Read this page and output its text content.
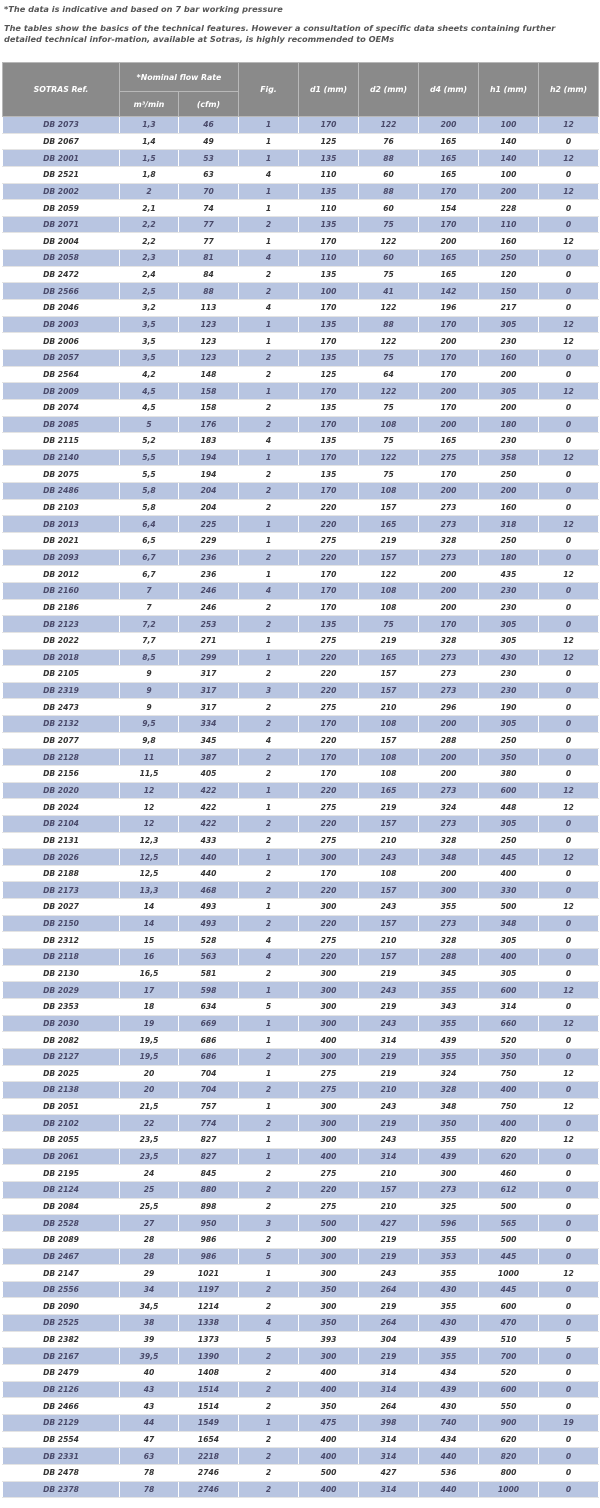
*The data is indicative and based on 7 bar working pressure
The tables show the basics of the technical features. However a consultation of specific data sheets containing further detailed technical infor-mation, available at Sotras, is highly recommended to OEMs
SOTRAS Ref.	*Nominal flow Rate		Fig.	d1 (mm)	d2 (mm)	d4 (mm)	h1 (mm)	h2 (mm)
	m³/min	(cfm)						
DB 2073	1,3	46	1	170	122	200	100	12
DB 2067	1,4	49	1	125	76	165	140	0
DB 2001	1,5	53	1	135	88	165	140	12
DB 2521	1,8	63	4	110	60	165	100	0
DB 2002	2	70	1	135	88	170	200	12
DB 2059	2,1	74	1	110	60	154	228	0
DB 2071	2,2	77	2	135	75	170	110	0
DB 2004	2,2	77	1	170	122	200	160	12
DB 2058	2,3	81	4	110	60	165	250	0
DB 2472	2,4	84	2	135	75	165	120	0
DB 2566	2,5	88	2	100	41	142	150	0
DB 2046	3,2	113	4	170	122	196	217	0
DB 2003	3,5	123	1	135	88	170	305	12
DB 2006	3,5	123	1	170	122	200	230	12
DB 2057	3,5	123	2	135	75	170	160	0
DB 2564	4,2	148	2	125	64	170	200	0
DB 2009	4,5	158	1	170	122	200	305	12
DB 2074	4,5	158	2	135	75	170	200	0
DB 2085	5	176	2	170	108	200	180	0
DB 2115	5,2	183	4	135	75	165	230	0
DB 2140	5,5	194	1	170	122	275	358	12
DB 2075	5,5	194	2	135	75	170	250	0
DB 2486	5,8	204	2	170	108	200	200	0
DB 2103	5,8	204	2	220	157	273	160	0
DB 2013	6,4	225	1	220	165	273	318	12
DB 2021	6,5	229	1	275	219	328	250	0
DB 2093	6,7	236	2	220	157	273	180	0
DB 2012	6,7	236	1	170	122	200	435	12
DB 2160	7	246	4	170	108	200	230	0
DB 2186	7	246	2	170	108	200	230	0
DB 2123	7,2	253	2	135	75	170	305	0
DB 2022	7,7	271	1	275	219	328	305	12
DB 2018	8,5	299	1	220	165	273	430	12
DB 2105	9	317	2	220	157	273	230	0
DB 2319	9	317	3	220	157	273	230	0
DB 2473	9	317	2	275	210	296	190	0
DB 2132	9,5	334	2	170	108	200	305	0
DB 2077	9,8	345	4	220	157	288	250	0
DB 2128	11	387	2	170	108	200	350	0
DB 2156	11,5	405	2	170	108	200	380	0
DB 2020	12	422	1	220	165	273	600	12
DB 2024	12	422	1	275	219	324	448	12
DB 2104	12	422	2	220	157	273	305	0
DB 2131	12,3	433	2	275	210	328	250	0
DB 2026	12,5	440	1	300	243	348	445	12
DB 2188	12,5	440	2	170	108	200	400	0
DB 2173	13,3	468	2	220	157	300	330	0
DB 2027	14	493	1	300	243	355	500	12
DB 2150	14	493	2	220	157	273	348	0
DB 2312	15	528	4	275	210	328	305	0
DB 2118	16	563	4	220	157	288	400	0
DB 2130	16,5	581	2	300	219	345	305	0
DB 2029	17	598	1	300	243	355	600	12
DB 2353	18	634	5	300	219	343	314	0
DB 2030	19	669	1	300	243	355	660	12
DB 2082	19,5	686	1	400	314	439	520	0
DB 2127	19,5	686	2	300	219	355	350	0
DB 2025	20	704	1	275	219	324	750	12
DB 2138	20	704	2	275	210	328	400	0
DB 2051	21,5	757	1	300	243	348	750	12
DB 2102	22	774	2	300	219	350	400	0
DB 2055	23,5	827	1	300	243	355	820	12
DB 2061	23,5	827	1	400	314	439	620	0
DB 2195	24	845	2	275	210	300	460	0
DB 2124	25	880	2	220	157	273	612	0
DB 2084	25,5	898	2	275	210	325	500	0
DB 2528	27	950	3	500	427	596	565	0
DB 2089	28	986	2	300	219	355	500	0
DB 2467	28	986	5	300	219	353	445	0
DB 2147	29	1021	1	300	243	355	1000	12
DB 2556	34	1197	2	350	264	430	445	0
DB 2090	34,5	1214	2	300	219	355	600	0
DB 2525	38	1338	4	350	264	430	470	0
DB 2382	39	1373	5	393	304	439	510	5
DB 2167	39,5	1390	2	300	219	355	700	0
DB 2479	40	1408	2	400	314	434	520	0
DB 2126	43	1514	2	400	314	439	600	0
DB 2466	43	1514	2	350	264	430	550	0
DB 2129	44	1549	1	475	398	740	900	19
DB 2554	47	1654	2	400	314	434	620	0
DB 2331	63	2218	2	400	314	440	820	0
DB 2478	78	2746	2	500	427	536	800	0
DB 2378	78	2746	2	400	314	440	1000	0
